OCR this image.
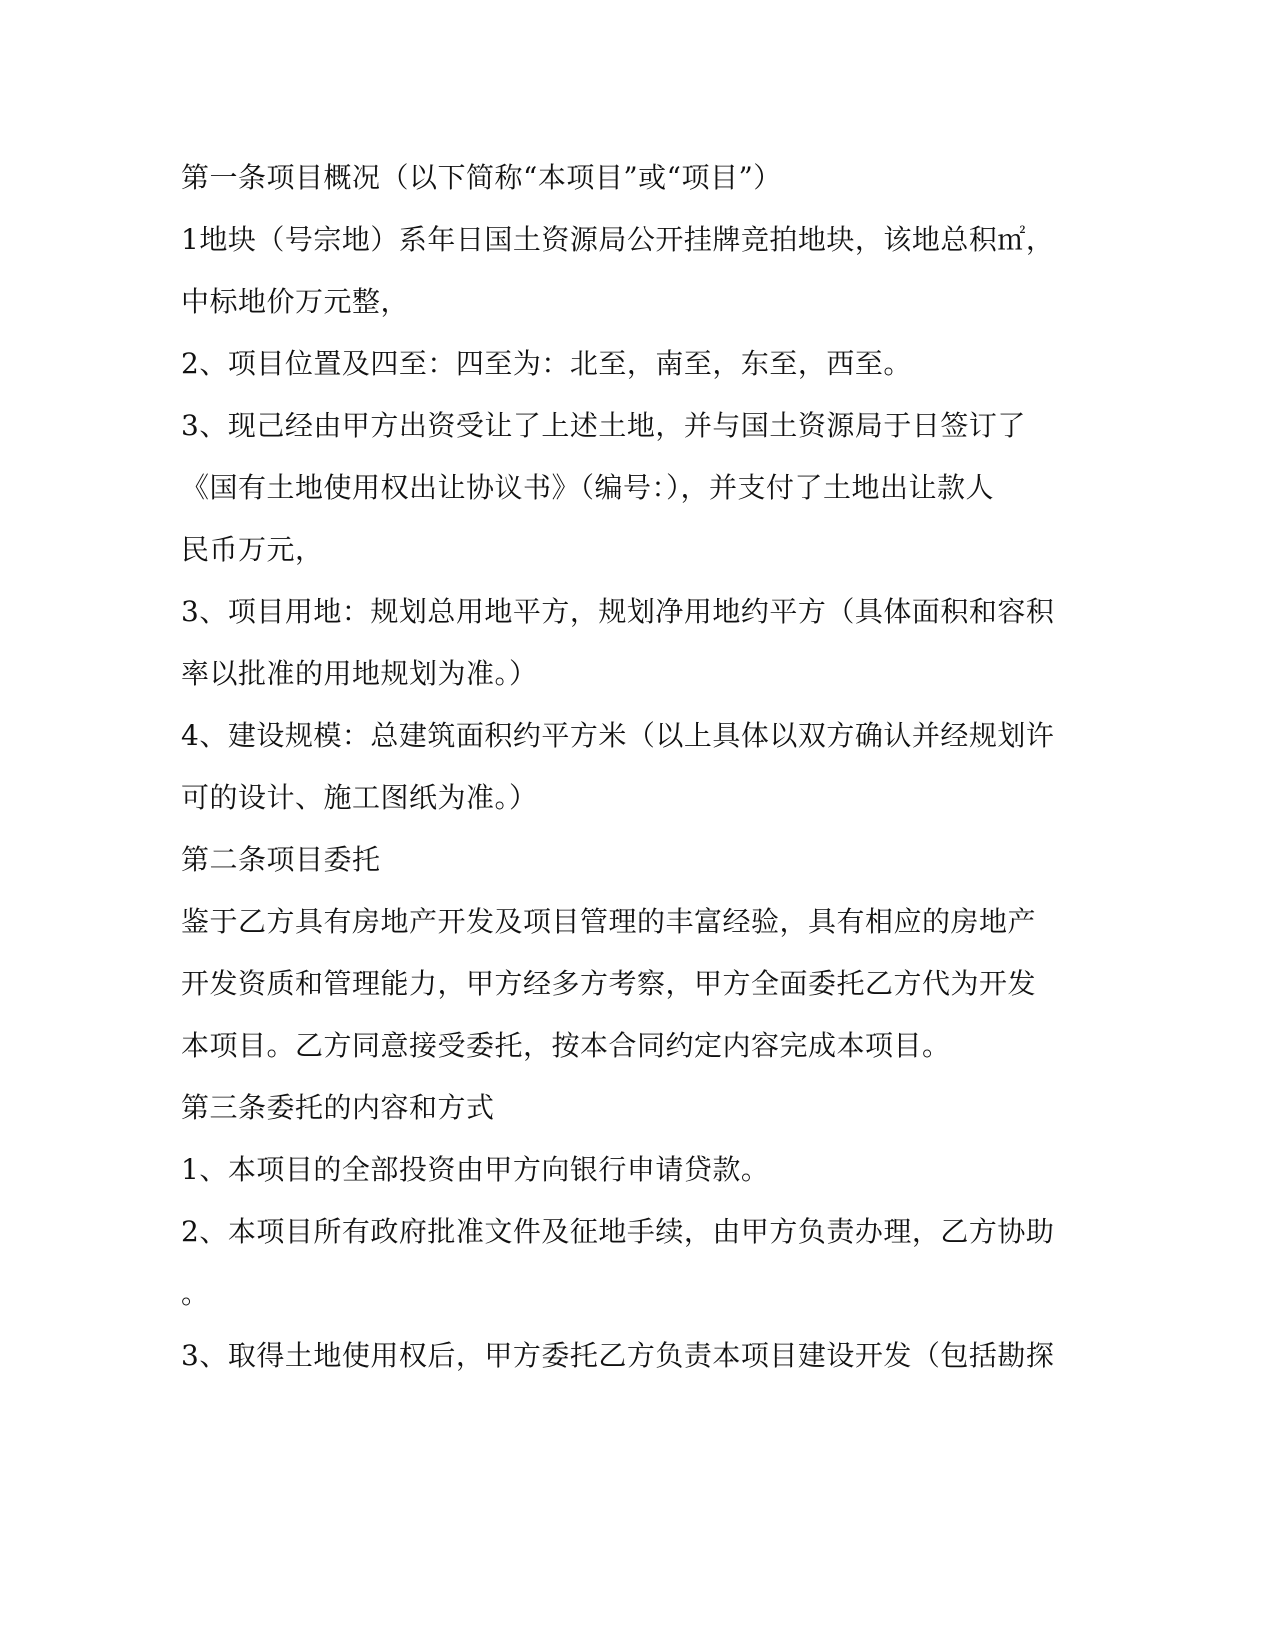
第一条项目概况（以下简称“本项目”或“项目”）
1地块（号宗地）系年日国土资源局公开挂牌竞拍地块，该地总积㎡，
中标地价万元整，
2、项目位置及四至：四至为：北至，南至，东至，西至。
3、现己经由甲方出资受让了上述土地，并与国土资源局于日签订了
《国有土地使用权出让协议书》（编号：），并支付了土地出让款人
民币万元，
3、项目用地：规划总用地平方，规划净用地约平方（具体面积和容积
率以批准的用地规划为准。）
4、建设规模：总建筑面积约平方米（以上具体以双方确认并经规划许
可的设计、施工图纸为准。）
第二条项目委托
鉴于乙方具有房地产开发及项目管理的丰富经验，具有相应的房地产
开发资质和管理能力，甲方经多方考察，甲方全面委托乙方代为开发
本项目。乙方同意接受委托，按本合同约定内容完成本项目。
第三条委托的内容和方式
1、本项目的全部投资由甲方向银行申请贷款。
2、本项目所有政府批准文件及征地手续，由甲方负责办理，乙方协助
。
3、取得土地使用权后，甲方委托乙方负责本项目建设开发（包括勘探
